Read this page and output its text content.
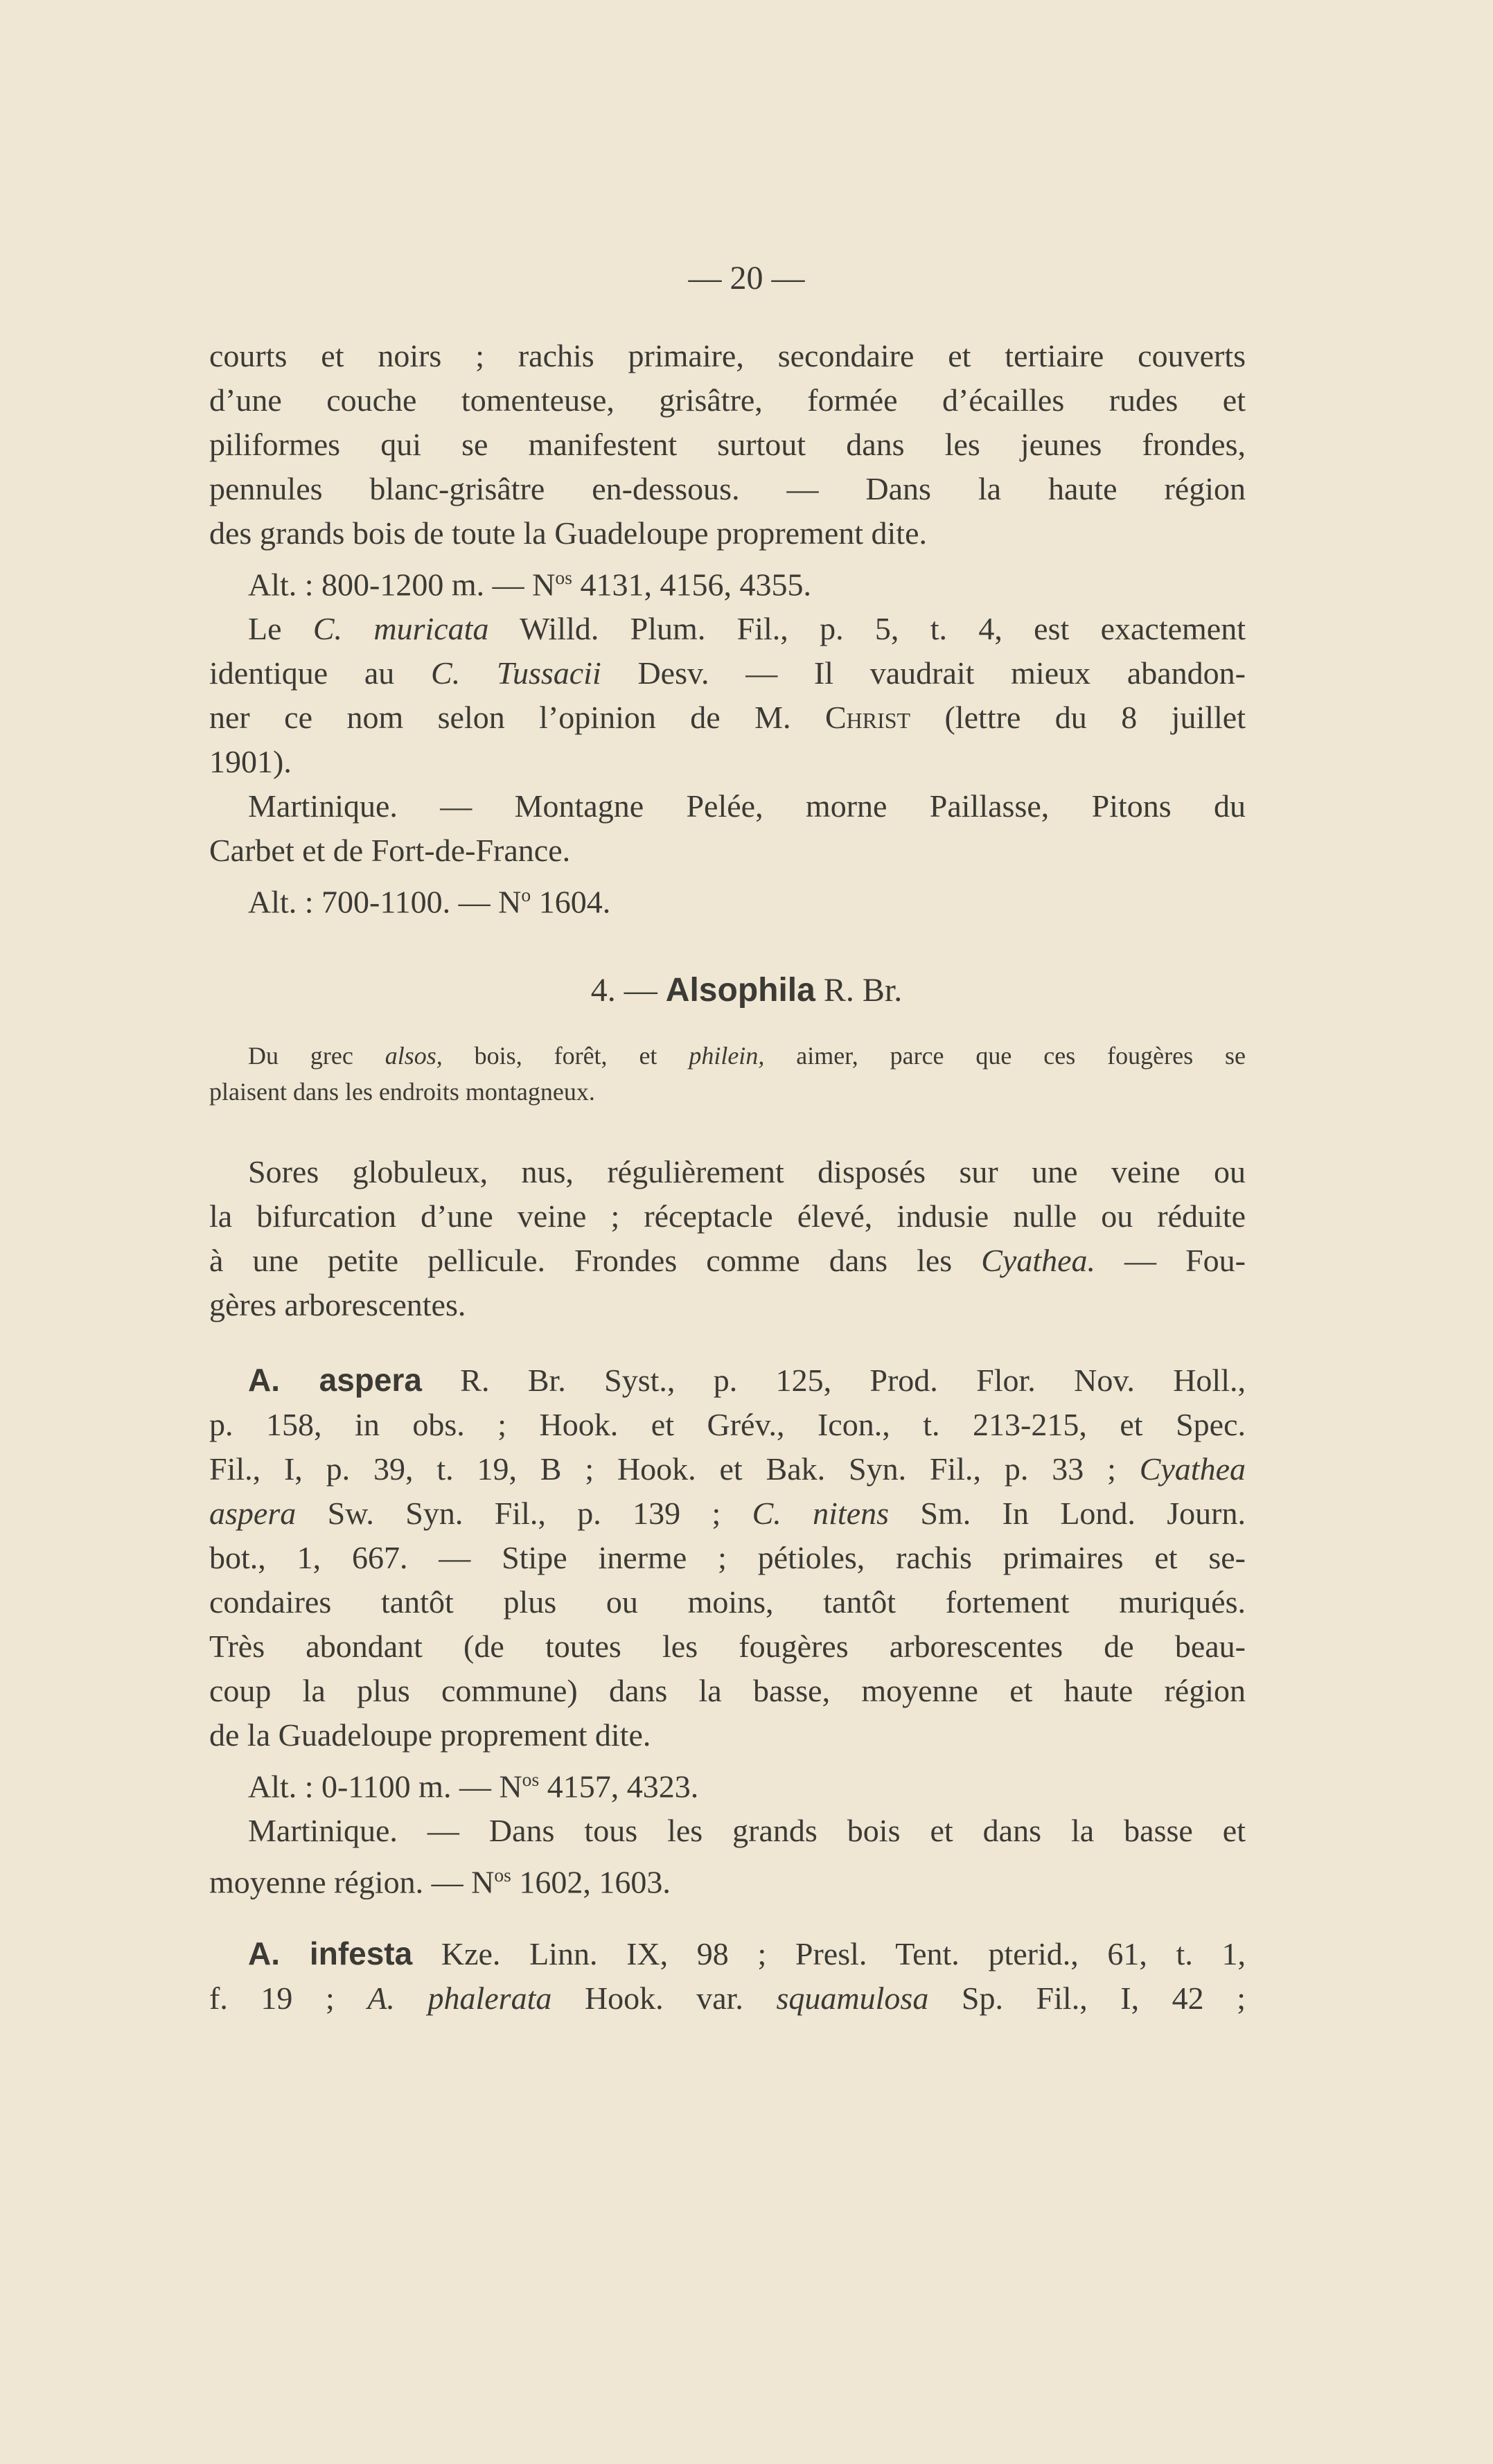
— 20 —
courts et noirs ; rachis primaire, secondaire et tertiaire couverts
d’une couche tomenteuse, grisâtre, formée d’écailles rudes et
piliformes qui se manifestent surtout dans les jeunes frondes,
pennules blanc-grisâtre en-dessous. — Dans la haute région
des grands bois de toute la Guadeloupe proprement dite.
Alt. : 800-1200 m. — $N^{os}$ 4131, 4156, 4355.
Le C. muricata Willd. Plum. Fil., p. 5, t. 4, est exactement
identique au C. Tussacii Desv. — Il vaudrait mieux abandon-
ner ce nom selon l’opinion de M. Christ (lettre du 8 juillet
1901).
Martinique. — Montagne Pelée, morne Paillasse, Pitons du
Carbet et de Fort-de-France.
Alt. : 700-1100. — $N^o$ 1604.
4. — Alsophila R. Br.
Du grec alsos, bois, forêt, et philein, aimer, parce que ces fougères se
plaisent dans les endroits montagneux.
Sores globuleux, nus, régulièrement disposés sur une veine ou
la bifurcation d’une veine ; réceptacle élevé, indusie nulle ou réduite
à une petite pellicule. Frondes comme dans les Cyathea. — Fou-
gères arborescentes.
A. aspera R. Br. Syst., p. 125, Prod. Flor. Nov. Holl.,
p. 158, in obs. ; Hook. et Grév., Icon., t. 213-215, et Spec.
Fil., I, p. 39, t. 19, B ; Hook. et Bak. Syn. Fil., p. 33 ; Cyathea
aspera Sw. Syn. Fil., p. 139 ; C. nitens Sm. In Lond. Journ.
bot., 1, 667. — Stipe inerme ; pétioles, rachis primaires et se-
condaires tantôt plus ou moins, tantôt fortement muriqués.
Très abondant (de toutes les fougères arborescentes de beau-
coup la plus commune) dans la basse, moyenne et haute région
de la Guadeloupe proprement dite.
Alt. : 0-1100 m. — $N^{os}$ 4157, 4323.
Martinique. — Dans tous les grands bois et dans la basse et
moyenne région. — $N^{os}$ 1602, 1603.
A. infesta Kze. Linn. IX, 98 ; Presl. Tent. pterid., 61, t. 1,
f. 19 ; A. phalerata Hook. var. squamulosa Sp. Fil., I, 42 ;
